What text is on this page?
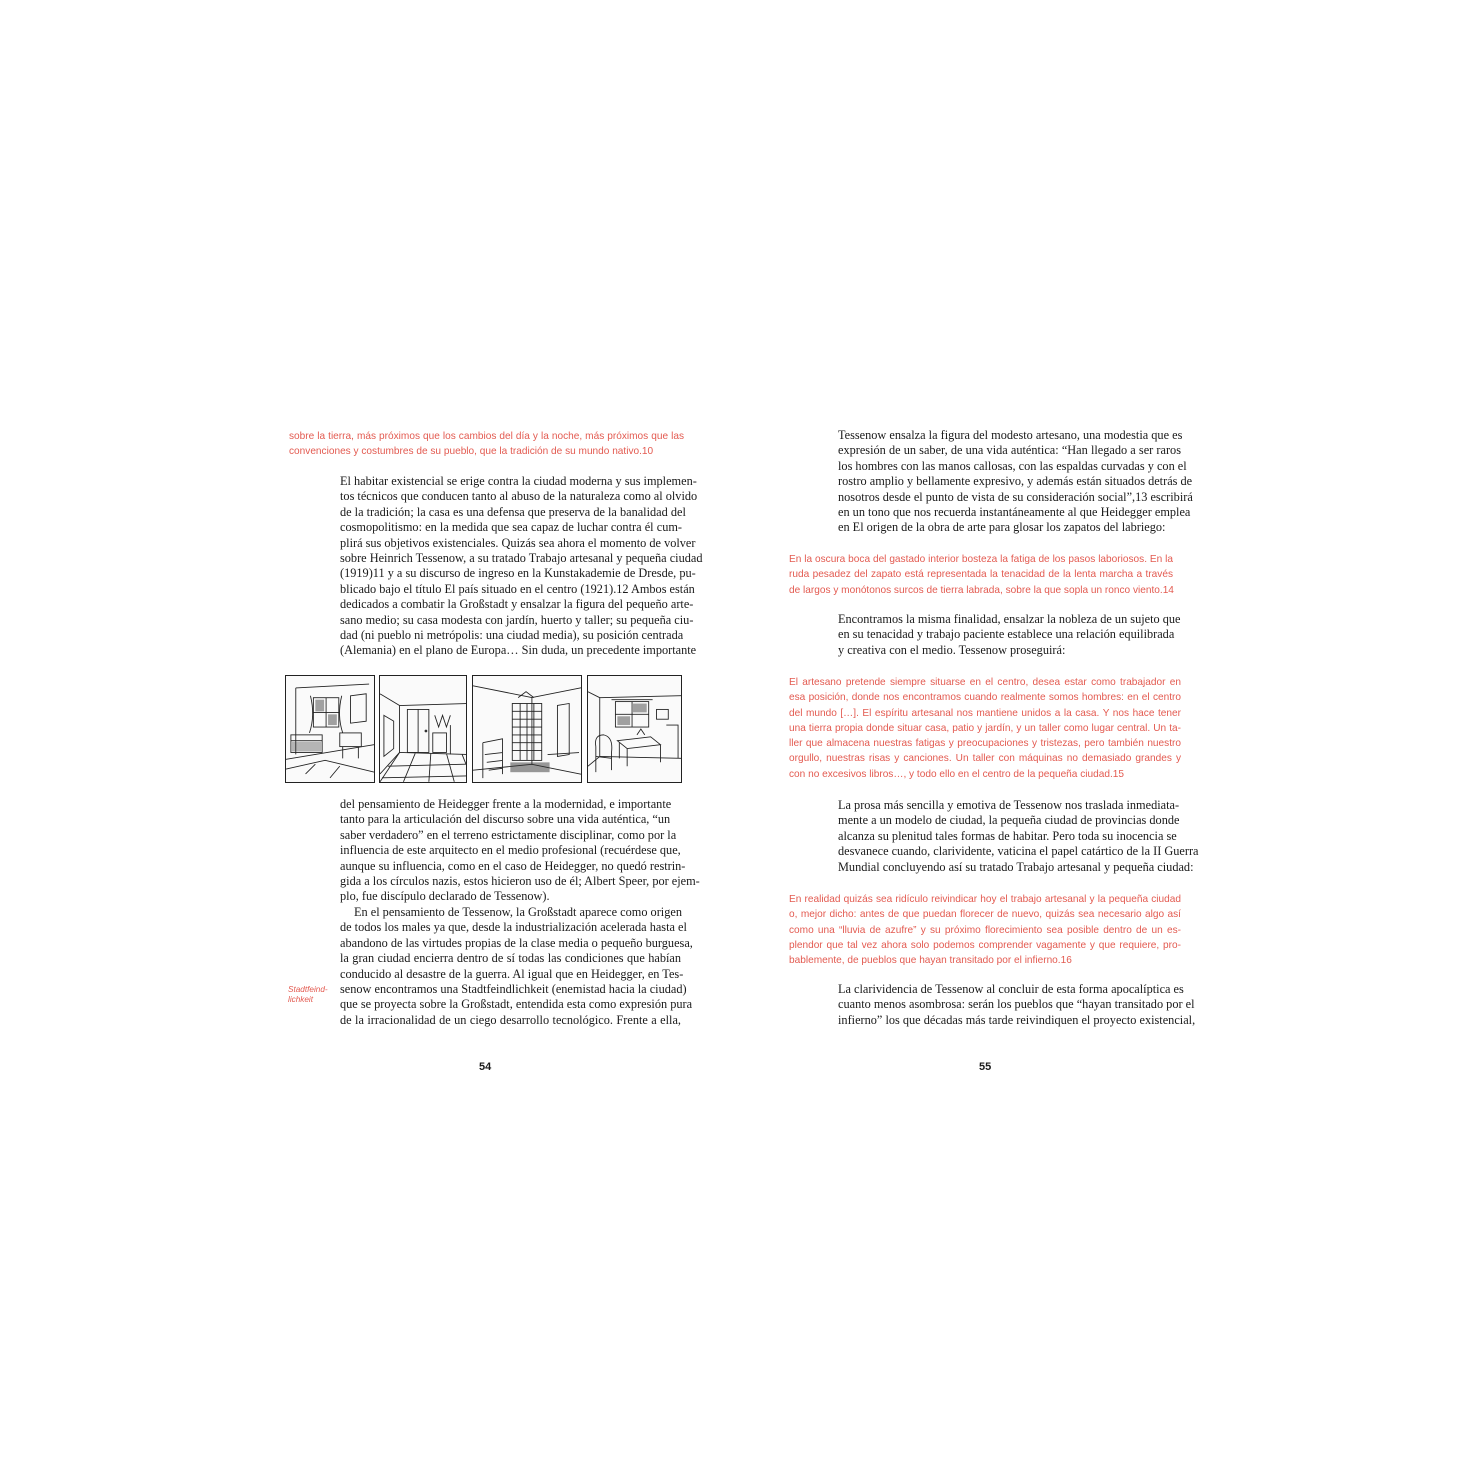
sobre la tierra, más próximos que los cambios del día y la noche, más próximos que las
convenciones y costumbres de su pueblo, que la tradición de su mundo nativo.10
El habitar existencial se erige contra la ciudad moderna y sus implemen-
tos técnicos que conducen tanto al abuso de la naturaleza como al olvido
de la tradición; la casa es una defensa que preserva de la banalidad del
cosmopolitismo: en la medida que sea capaz de luchar contra él cum-
plirá sus objetivos existenciales. Quizás sea ahora el momento de volver
sobre Heinrich Tessenow, a su tratado Trabajo artesanal y pequeña ciudad
(1919)11 y a su discurso de ingreso en la Kunstakademie de Dresde, pu-
blicado bajo el título El país situado en el centro (1921).12 Ambos están
dedicados a combatir la Großstadt y ensalzar la figura del pequeño arte-
sano medio; su casa modesta con jardín, huerto y taller; su pequeña ciu-
dad (ni pueblo ni metrópolis: una ciudad media), su posición centrada
(Alemania) en el plano de Europa… Sin duda, un precedente importante
del pensamiento de Heidegger frente a la modernidad, e importante
tanto para la articulación del discurso sobre una vida auténtica, “un
saber verdadero” en el terreno estrictamente disciplinar, como por la
influencia de este arquitecto en el medio profesional (recuérdese que,
aunque su influencia, como en el caso de Heidegger, no quedó restrin-
gida a los círculos nazis, estos hicieron uso de él; Albert Speer, por ejem-
plo, fue discípulo declarado de Tessenow).
En el pensamiento de Tessenow, la Großstadt aparece como origen
de todos los males ya que, desde la industrialización acelerada hasta el
abandono de las virtudes propias de la clase media o pequeño burguesa,
la gran ciudad encierra dentro de sí todas las condiciones que habían
conducido al desastre de la guerra. Al igual que en Heidegger, en Tes-
senow encontramos una Stadtfeindlichkeit (enemistad hacia la ciudad)
que se proyecta sobre la Großstadt, entendida esta como expresión pura
de la irracionalidad de un ciego desarrollo tecnológico. Frente a ella,
Stadtfeind-
lichkeit
54
Tessenow ensalza la figura del modesto artesano, una modestia que es
expresión de un saber, de una vida auténtica: “Han llegado a ser raros
los hombres con las manos callosas, con las espaldas curvadas y con el
rostro amplio y bellamente expresivo, y además están situados detrás de
nosotros desde el punto de vista de su consideración social”,13 escribirá
en un tono que nos recuerda instantáneamente al que Heidegger emplea
en El origen de la obra de arte para glosar los zapatos del labriego:
En la oscura boca del gastado interior bosteza la fatiga de los pasos laboriosos. En la
ruda pesadez del zapato está representada la tenacidad de la lenta marcha a través
de largos y monótonos surcos de tierra labrada, sobre la que sopla un ronco viento.14
Encontramos la misma finalidad, ensalzar la nobleza de un sujeto que
en su tenacidad y trabajo paciente establece una relación equilibrada
y creativa con el medio. Tessenow proseguirá:
El artesano pretende siempre situarse en el centro, desea estar como trabajador en
esa posición, donde nos encontramos cuando realmente somos hombres: en el centro
del mundo […]. El espíritu artesanal nos mantiene unidos a la casa. Y nos hace tener
una tierra propia donde situar casa, patio y jardín, y un taller como lugar central. Un ta-
ller que almacena nuestras fatigas y preocupaciones y tristezas, pero también nuestro
orgullo, nuestras risas y canciones. Un taller con máquinas no demasiado grandes y
con no excesivos libros…, y todo ello en el centro de la pequeña ciudad.15
La prosa más sencilla y emotiva de Tessenow nos traslada inmediata-
mente a un modelo de ciudad, la pequeña ciudad de provincias donde
alcanza su plenitud tales formas de habitar. Pero toda su inocencia se
desvanece cuando, clarividente, vaticina el papel catártico de la II Guerra
Mundial concluyendo así su tratado Trabajo artesanal y pequeña ciudad:
En realidad quizás sea ridículo reivindicar hoy el trabajo artesanal y la pequeña ciudad
o, mejor dicho: antes de que puedan florecer de nuevo, quizás sea necesario algo así
como una “lluvia de azufre” y su próximo florecimiento sea posible dentro de un es-
plendor que tal vez ahora solo podemos comprender vagamente y que requiere, pro-
bablemente, de pueblos que hayan transitado por el infierno.16
La clarividencia de Tessenow al concluir de esta forma apocalíptica es
cuanto menos asombrosa: serán los pueblos que “hayan transitado por el
infierno” los que décadas más tarde reivindiquen el proyecto existencial,
55
